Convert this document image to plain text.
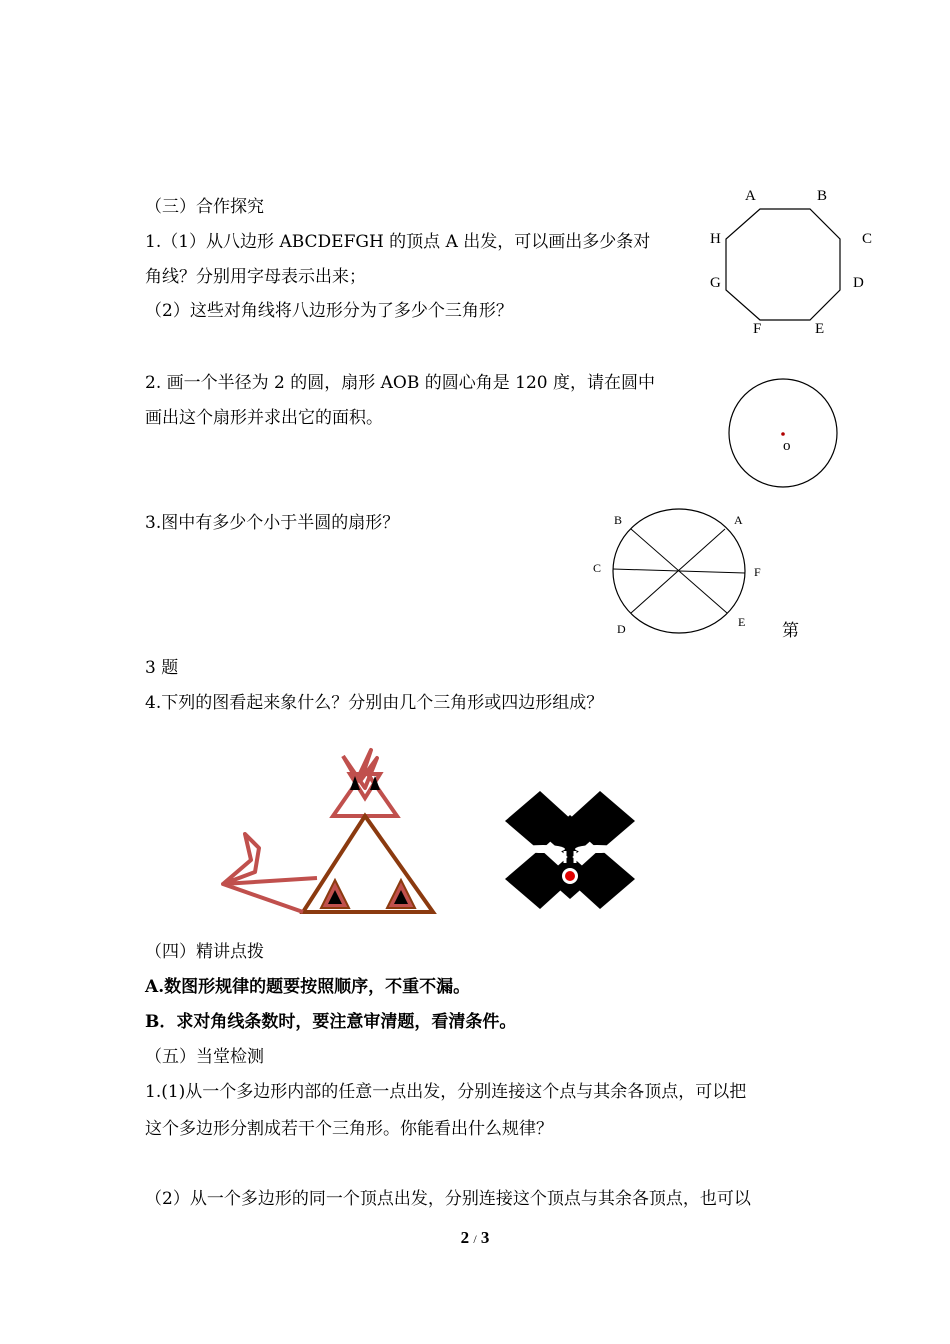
（三）合作探究
1.（1）从八边形 ABCDEFGH 的顶点 A 出发，可以画出多少条对
角线？分别用字母表示出来；
（2）这些对角线将八边形分为了多少个三角形？
2. 画一个半径为 2 的圆，扇形 AOB 的圆心角是 120 度，请在圆中
画出这个扇形并求出它的面积。
3.图中有多少个小于半圆的扇形？
第
3 题
4.下列的图看起来象什么？分别由几个三角形或四边形组成？
A	B
C
D
E
F
G
H
o
B	A
C	F
D	E
（四）精讲点拨
A.数图形规律的题要按照顺序，不重不漏。
B．求对角线条数时，要注意审清题，看清条件。
（五）当堂检测
1.(1)从一个多边形内部的任意一点出发，分别连接这个点与其余各顶点，可以把
这个多边形分割成若干个三角形。你能看出什么规律？
（2）从一个多边形的同一个顶点出发，分别连接这个顶点与其余各顶点，也可以
2 / 3
